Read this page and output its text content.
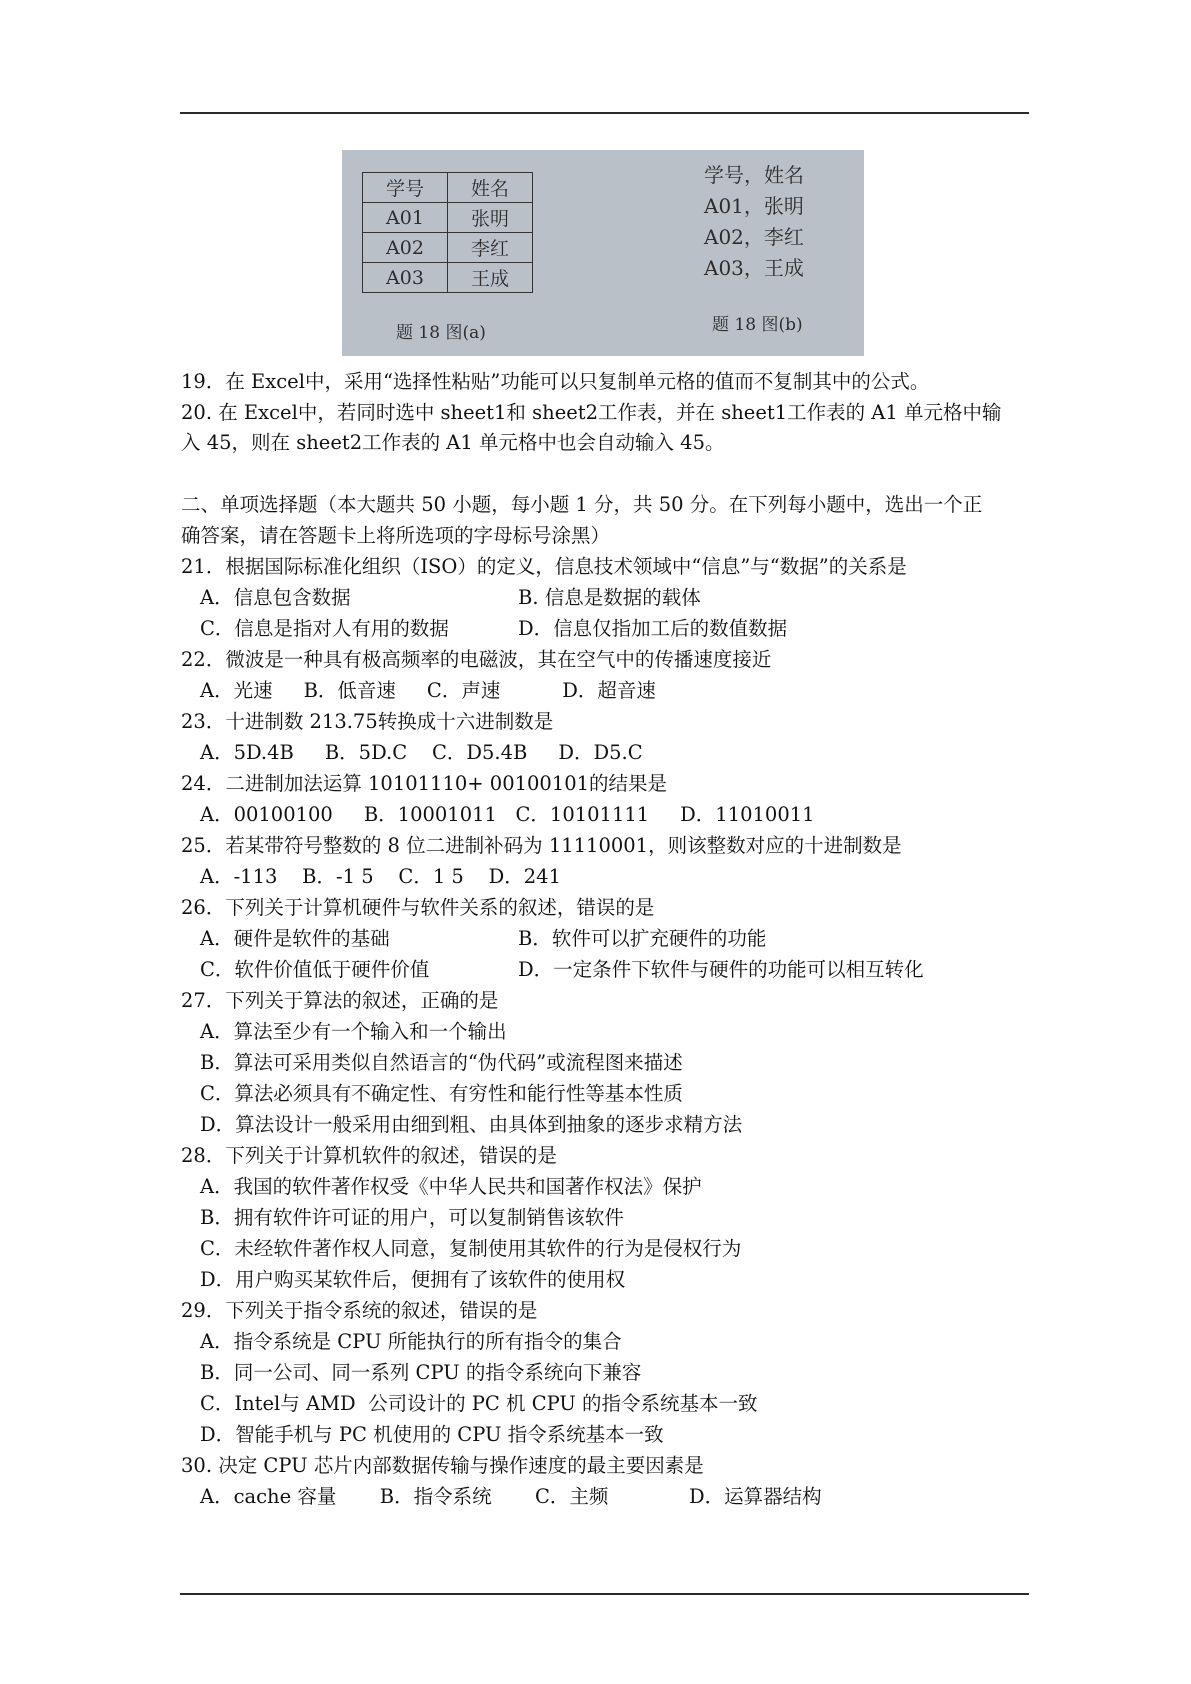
学号	姓名
A01	张明
A02	李红
A03	王成
题 18 图(a)
学号，姓名
A01，张明
A02，李红
A03，王成
题 18 图(b)
19．在 Excel中，采用“选择性粘贴”功能可以只复制单元格的值而不复制其中的公式。
20. 在 Excel中，若同时选中 sheet1和 sheet2工作表，并在 sheet1工作表的 A1 单元格中输
入 45，则在 sheet2工作表的 A1 单元格中也会自动输入 45。
二、单项选择题（本大题共 50 小题，每小题 1 分，共 50 分。在下列每小题中，选出一个正
确答案，请在答题卡上将所选项的字母标号涂黑）
21．根据国际标准化组织（ISO）的定义，信息技术领域中“信息”与“数据”的关系是
A．信息包含数据	B. 信息是数据的载体
C．信息是指对人有用的数据	D．信息仅指加工后的数值数据
22．微波是一种具有极高频率的电磁波，其在空气中的传播速度接近
A．光速     B．低音速     C．声速          D．超音速
23．十进制数 213.75转换成十六进制数是
A．5D.4B     B．5D.C    C．D5.4B     D．D5.C
24．二进制加法运算 10101110+ 00100101的结果是
A．00100100     B．10001011   C．10101111     D．11010011
25．若某带符号整数的 8 位二进制补码为 11110001，则该整数对应的十进制数是
A．-113    B．-1 5    C．1 5    D．241
26．下列关于计算机硬件与软件关系的叙述，错误的是
A．硬件是软件的基础	B．软件可以扩充硬件的功能
C．软件价值低于硬件价值	D．一定条件下软件与硬件的功能可以相互转化
27．下列关于算法的叙述，正确的是
A．算法至少有一个输入和一个输出
B．算法可采用类似自然语言的“伪代码”或流程图来描述
C．算法必须具有不确定性、有穷性和能行性等基本性质
D．算法设计一般采用由细到粗、由具体到抽象的逐步求精方法
28．下列关于计算机软件的叙述，错误的是
A．我国的软件著作权受《中华人民共和国著作权法》保护
B．拥有软件许可证的用户，可以复制销售该软件
C．未经软件著作权人同意，复制使用其软件的行为是侵权行为
D．用户购买某软件后，便拥有了该软件的使用权
29．下列关于指令系统的叙述，错误的是
A．指令系统是 CPU 所能执行的所有指令的集合
B．同一公司、同一系列 CPU 的指令系统向下兼容
C．Intel与 AMD  公司设计的 PC 机 CPU 的指令系统基本一致
D．智能手机与 PC 机使用的 CPU 指令系统基本一致
30. 决定 CPU 芯片内部数据传输与操作速度的最主要因素是
A．cache 容量       B．指令系统       C．主频             D．运算器结构
